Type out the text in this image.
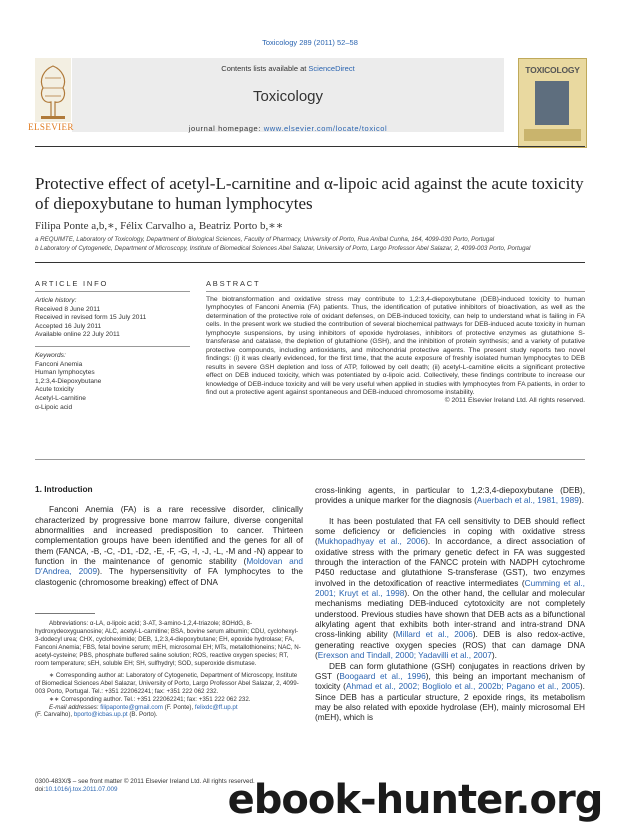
Toxicology 289 (2011) 52–58
Contents lists available at ScienceDirect
Toxicology
journal homepage: www.elsevier.com/locate/toxicol
ELSEVIER
TOXICOLOGY
Protective effect of acetyl-L-carnitine and α-lipoic acid against the acute toxicity of diepoxybutane to human lymphocytes
Filipa Ponte a,b,∗, Félix Carvalho a, Beatriz Porto b,∗∗
a REQUIMTE, Laboratory of Toxicology, Department of Biological Sciences, Faculty of Pharmacy, University of Porto, Rua Aníbal Cunha, 164, 4099-030 Porto, Portugal
b Laboratory of Cytogenetic, Department of Microscopy, Institute of Biomedical Sciences Abel Salazar, University of Porto, Largo Professor Abel Salazar, 2, 4099-003 Porto, Portugal
ARTICLE INFO
Article history:
Received 8 June 2011
Received in revised form 15 July 2011
Accepted 16 July 2011
Available online 22 July 2011
Keywords:
Fanconi Anemia
Human lymphocytes
1,2:3,4-Diepoxybutane
Acute toxicity
Acetyl-L-carnitine
α-Lipoic acid
ABSTRACT

The biotransformation and oxidative stress may contribute to 1,2:3,4-diepoxybutane (DEB)-induced toxicity to human lymphocytes of Fanconi Anemia (FA) patients. Thus, the identification of putative inhibitors of bioactivation, as well as the determination of the protective role of oxidant defenses, on DEB-induced toxicity, can help to understand what is failing in FA cells. In the present work we studied the contribution of several biochemical pathways for DEB-induced acute toxicity in human lymphocyte suspensions, by using inhibitors of epoxide hydrolases, inhibitors of protective enzymes as glutathione S-transferase and catalase, the depletion of glutathione (GSH), and the inhibition of protein synthesis; and a variety of putative protective compounds, including antioxidants, and mitochondrial protective agents. The present study reports two novel findings: (i) it was clearly evidenced, for the first time, that the acute exposure of freshly isolated human lymphocytes to DEB results in severe GSH depletion and loss of ATP, followed by cell death; (ii) acetyl-L-carnitine elicits a significant protective effect on DEB induced toxicity, which was potentiated by α-lipoic acid. Collectively, these findings contribute to increase our knowledge of DEB-induce toxicity and will be very useful when applied in studies with lymphocytes from FA patients, in order to find out a protective agent against spontaneous and DEB-induced chromosome instability.

© 2011 Elsevier Ireland Ltd. All rights reserved.

1. Introduction

Fanconi Anemia (FA) is a rare recessive disorder, clinically characterized by progressive bone marrow failure, diverse congenital abnormalities and increased predisposition to cancer. Thirteen complementation groups have been identified and the genes for all of them (FANCA, -B, -C, -D1, -D2, -E, -F, -G, -I, -J, -L, -M and -N) appear to function in the maintenance of genomic stability (Moldovan and D'Andrea, 2009). The hypersensitivity of FA lymphocytes to the clastogenic (chromosome breaking) effect of DNA

Abbreviations: α-LA, α-lipoic acid; 3-AT, 3-amino-1,2,4-triazole; 8OHdG, 8-hydroxydeoxyguanosine; ALC, acetyl-L-carnitine; BSA, bovine serum albumin; CDU, cyclohexyl-3-dodecyl urea; CHX, cycloheximide; DEB, 1,2:3,4-diepoxybutane; EH, epoxide hydrolase; FA, Fanconi Anemia; FBS, fetal bovine serum; mEH, microsomal EH; MTs, metallothioneins; NAC, N-acetyl-cysteine; PBS, phosphate buffered saline solution; ROS, reactive oxygen species; RT, room temperature; sEH, soluble EH; SH, sulfhydryl; SOD, superoxide dismutase.

∗ Corresponding author at: Laboratory of Cytogenetic, Department of Microscopy, Institute of Biomedical Sciences Abel Salazar, University of Porto, Largo Professor Abel Salazar, 2, 4099-003 Porto, Portugal. Tel.: +351 222062241; fax: +351 222 062 232.

∗∗ Corresponding author. Tel.: +351 222062241; fax: +351 222 062 232.

E-mail addresses: filipaponte@gmail.com (F. Ponte), felixdc@ff.up.pt

(F. Carvalho), bporto@icbas.up.pt (B. Porto).

0300-483X/$ – see front matter © 2011 Elsevier Ireland Ltd. All rights reserved.
doi:10.1016/j.tox.2011.07.009

cross-linking agents, in particular to 1,2:3,4-diepoxybutane (DEB), provides a unique marker for the diagnosis (Auerbach et al., 1981, 1989).

It has been postulated that FA cell sensitivity to DEB should reflect some deficiency or deficiencies in coping with oxidative stress (Mukhopadhyay et al., 2006). In accordance, a direct association of oxidative stress with the primary genetic defect in FA was suggested through the interaction of the FANCC protein with NADPH cytochrome P450 reductase and glutathione S-transferase (GST), two enzymes involved in the detoxification of reactive intermediates (Cumming et al., 2001; Kruyt et al., 1998). On the other hand, the cellular and molecular mechanisms mediating DEB-induced cytotoxicity are not completely understood. Previous studies have shown that DEB acts as a bifunctional alkylating agent that exhibits both inter-strand and intra-strand DNA cross-linking ability (Millard et al., 2006). DEB is also redox-active, generating reactive oxygen species (ROS) that can damage DNA (Erexson and Tindall, 2000; Yadavilli et al., 2007).

DEB can form glutathione (GSH) conjugates in reactions driven by GST (Boogaard et al., 1996), this being an important mechanism of toxicity (Ahmad et al., 2002; Bogliolo et al., 2002b; Pagano et al., 2005). Since DEB has a particular structure, 2 epoxide rings, its metabolism may be also related with epoxide hydrolase (EH), mainly microsomal EH (mEH), which is

ebook-hunter.org
